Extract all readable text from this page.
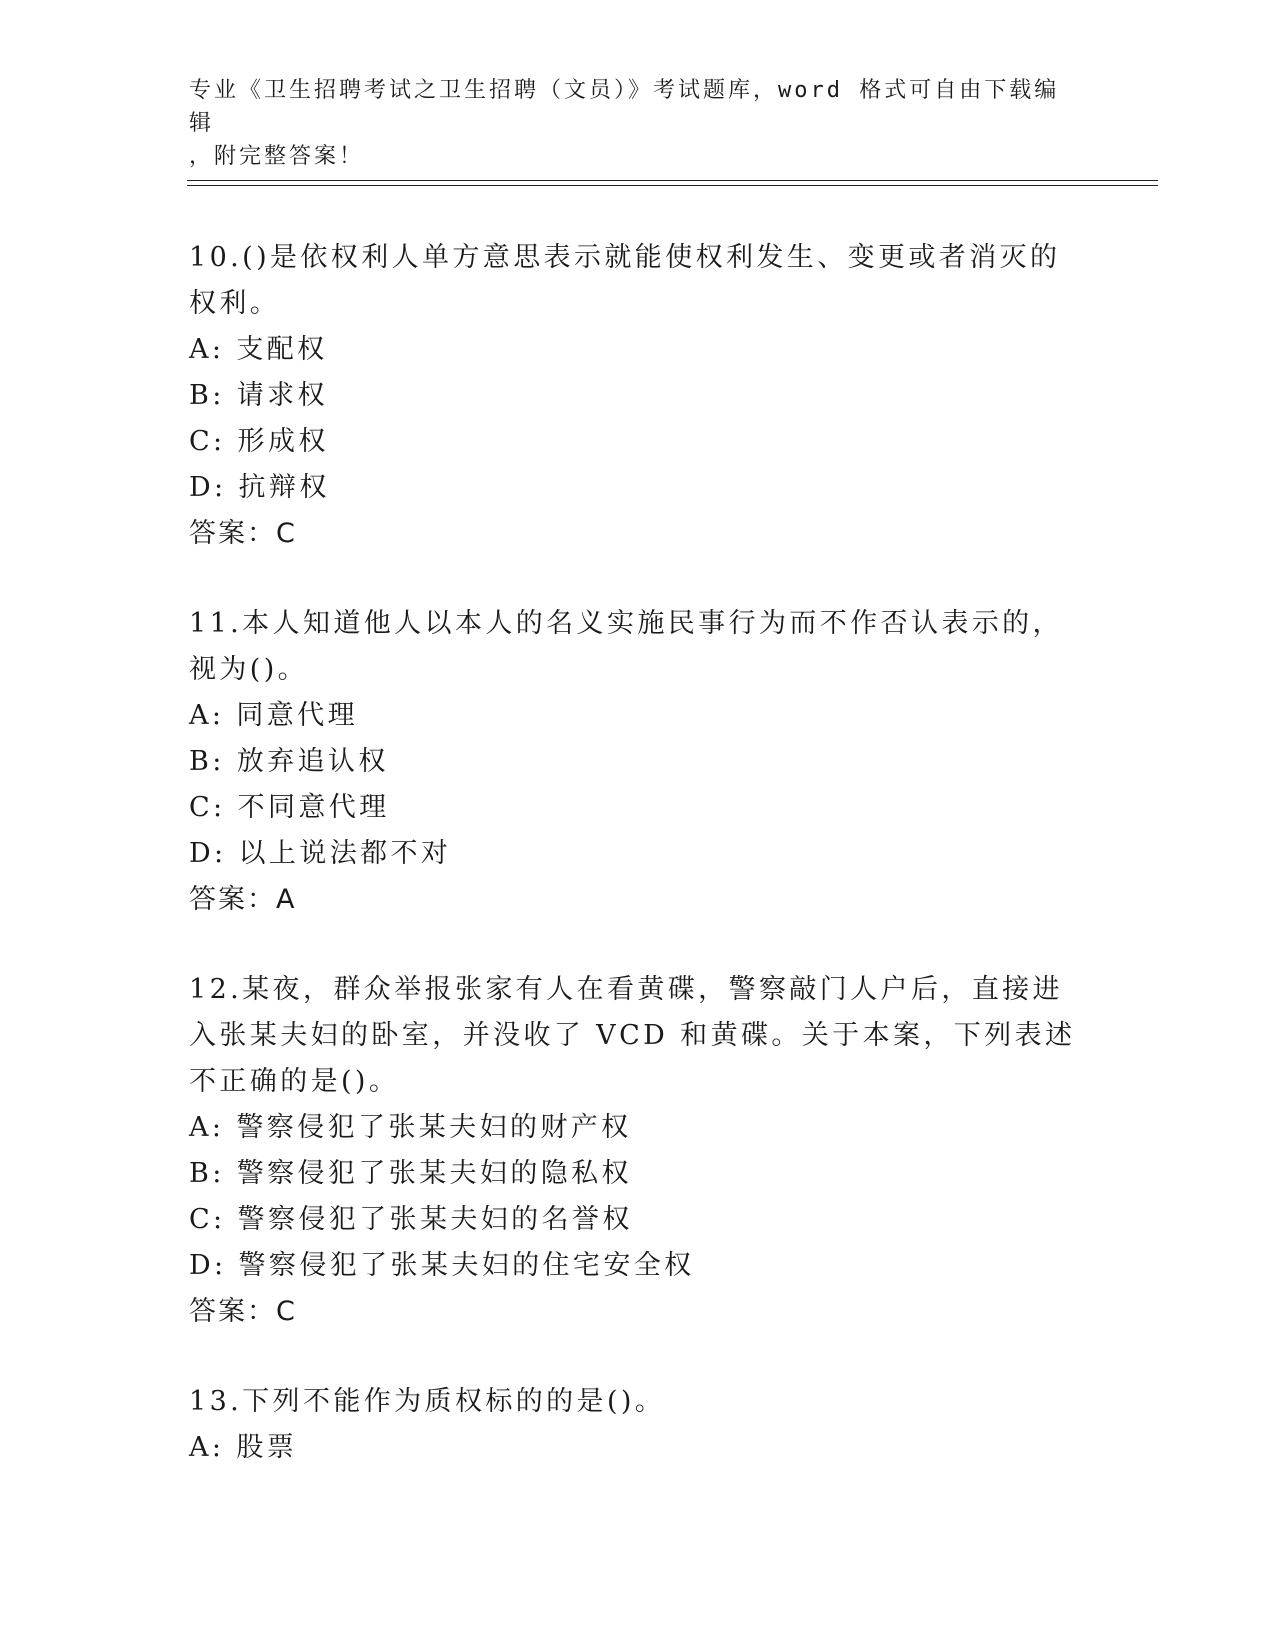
专业《卫生招聘考试之卫生招聘（文员）》考试题库，word 格式可自由下载编辑
，附完整答案！

10.()是依权利人单方意思表示就能使权利发生、变更或者消灭的权利。

A: 支配权

B: 请求权

C: 形成权

D: 抗辩权

答案：C

11.本人知道他人以本人的名义实施民事行为而不作否认表示的，视为()。

A: 同意代理

B: 放弃追认权

C: 不同意代理

D: 以上说法都不对

答案：A

12.某夜，群众举报张家有人在看黄碟，警察敲门人户后，直接进入张某夫妇的卧室，并没收了 VCD 和黄碟。关于本案，下列表述不正确的是()。

A: 警察侵犯了张某夫妇的财产权

B: 警察侵犯了张某夫妇的隐私权

C: 警察侵犯了张某夫妇的名誉权

D: 警察侵犯了张某夫妇的住宅安全权

答案：C

13.下列不能作为质权标的的是()。

A: 股票
